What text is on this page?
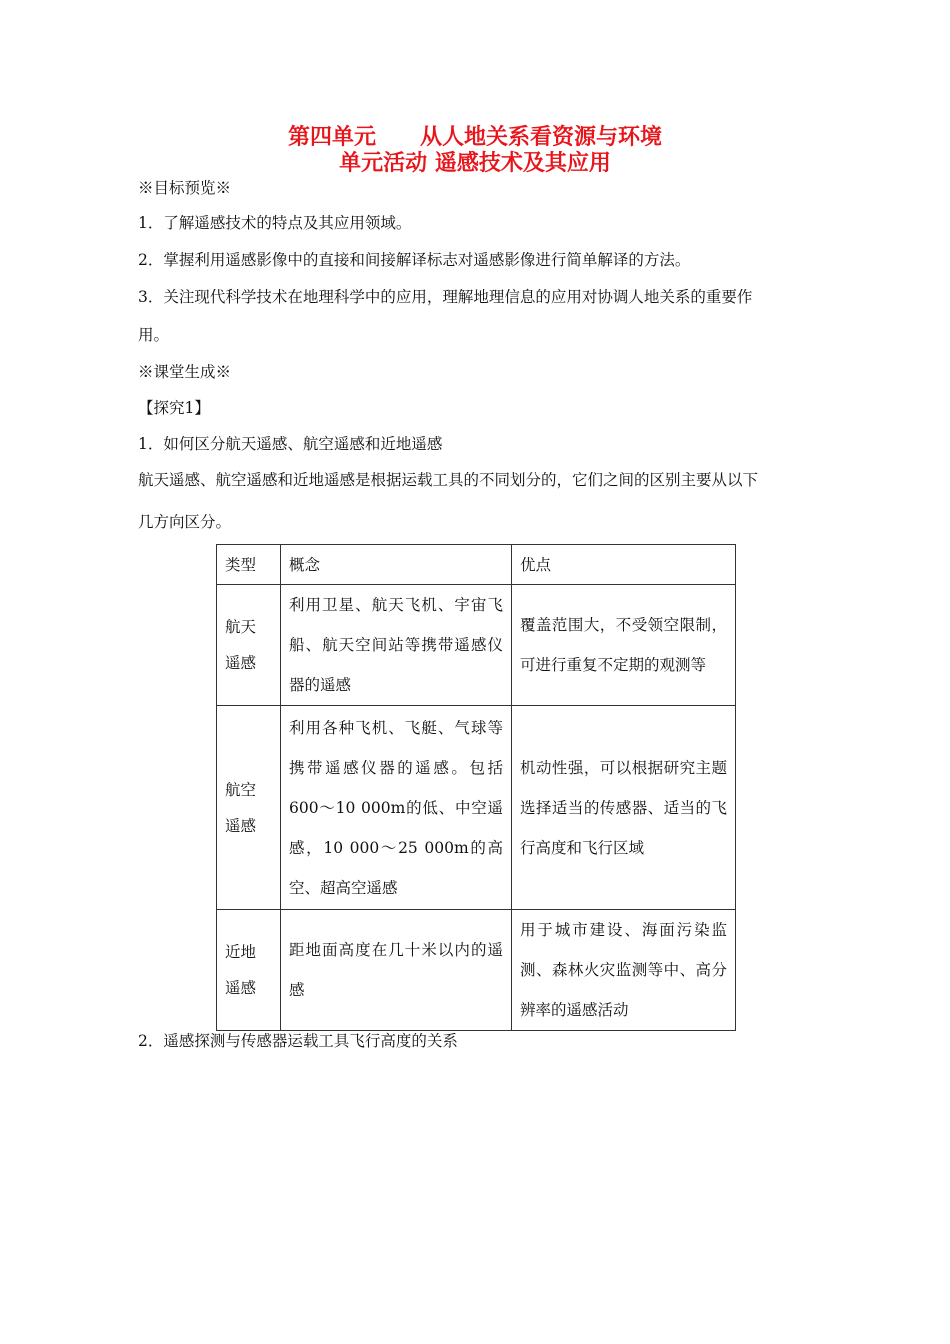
第四单元　　从人地关系看资源与环境
单元活动 遥感技术及其应用
※目标预览※
1．了解遥感技术的特点及其应用领域。
2．掌握利用遥感影像中的直接和间接解译标志对遥感影像进行简单解译的方法。
3．关注现代科学技术在地理科学中的应用，理解地理信息的应用对协调人地关系的重要作
用。
※课堂生成※
【探究1】
1．如何区分航天遥感、航空遥感和近地遥感
航天遥感、航空遥感和近地遥感是根据运载工具的不同划分的，它们之间的区别主要从以下
几方向区分。
类型	概念	优点

航天遥感	利用卫星、航天飞机、宇宙飞船、航天空间站等携带遥感仪器的遥感	覆盖范围大，不受领空限制，可进行重复不定期的观测等

航空遥感	利用各种飞机、飞艇、气球等携带遥感仪器的遥感。包括600～10 000m的低、中空遥感，10 000～25 000m的高空、超高空遥感	机动性强，可以根据研究主题选择适当的传感器、适当的飞行高度和飞行区域

近地遥感	距地面高度在几十米以内的遥感	用于城市建设、海面污染监测、森林火灾监测等中、高分辨率的遥感活动
2．遥感探测与传感器运载工具飞行高度的关系
